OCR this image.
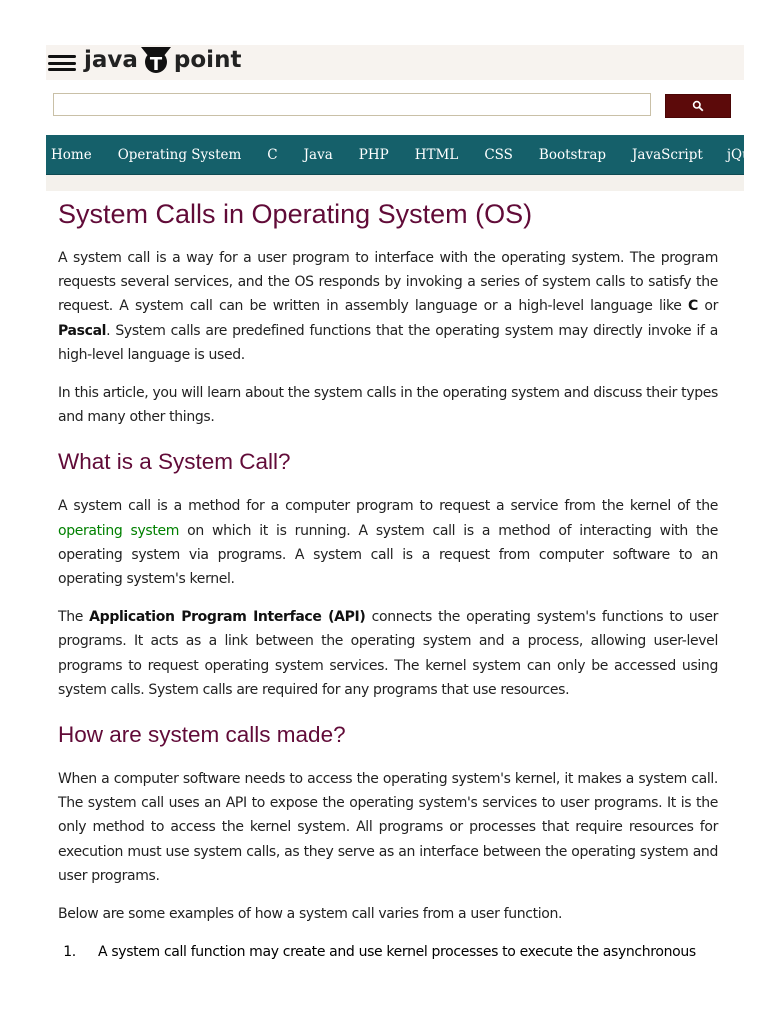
java T point
Home Operating System C Java PHP HTML CSS Bootstrap JavaScript jQuery
System Calls in Operating System (OS)

A system call is a way for a user program to interface with the operating system. The program requests several services, and the OS responds by invoking a series of system calls to satisfy the request. A system call can be written in assembly language or a high-level language like C or Pascal. System calls are predefined functions that the operating system may directly invoke if a high-level language is used.

In this article, you will learn about the system calls in the operating system and discuss their types and many other things.

What is a System Call?

A system call is a method for a computer program to request a service from the kernel of the operating system on which it is running. A system call is a method of interacting with the operating system via programs. A system call is a request from computer software to an operating system's kernel.

The Application Program Interface (API) connects the operating system's functions to user programs. It acts as a link between the operating system and a process, allowing user-level programs to request operating system services. The kernel system can only be accessed using system calls. System calls are required for any programs that use resources.

How are system calls made?

When a computer software needs to access the operating system's kernel, it makes a system call. The system call uses an API to expose the operating system's services to user programs. It is the only method to access the kernel system. All programs or processes that require resources for execution must use system calls, as they serve as an interface between the operating system and user programs.

Below are some examples of how a system call varies from a user function.

1. A system call function may create and use kernel processes to execute the asynchronous
